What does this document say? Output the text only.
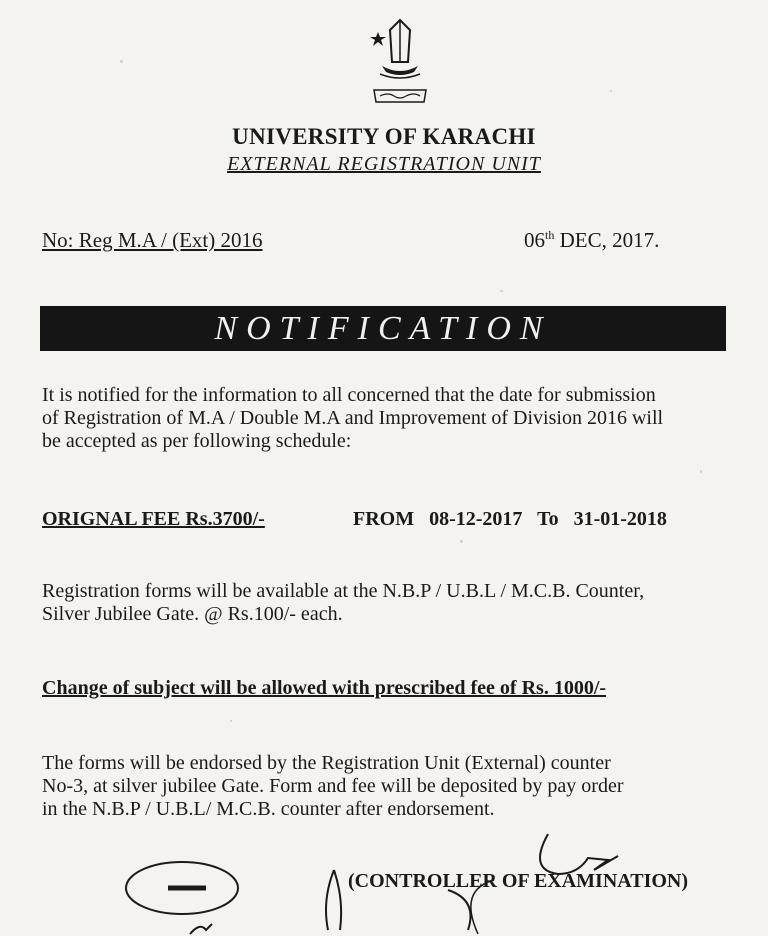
UNIVERSITY OF KARACHI
EXTERNAL REGISTRATION UNIT
No: Reg M.A / (Ext) 2016	06th DEC, 2017.
NOTIFICATION

It is notified for the information to all concerned that the date for submission
of Registration of M.A / Double M.A and Improvement of Division 2016 will
be accepted as per following schedule:

ORIGNAL FEE Rs.3700/-	FROM 08-12-2017 To 31-01-2018

Registration forms will be available at the N.B.P / U.B.L / M.C.B. Counter,
Silver Jubilee Gate. @ Rs.100/- each.

Change of subject will be allowed with prescribed fee of Rs. 1000/-

The forms will be endorsed by the Registration Unit (External) counter
No-3, at silver jubilee Gate. Form and fee will be deposited by pay order
in the N.B.P / U.B.L/ M.C.B. counter after endorsement.

(CONTROLLER OF EXAMINATION)
